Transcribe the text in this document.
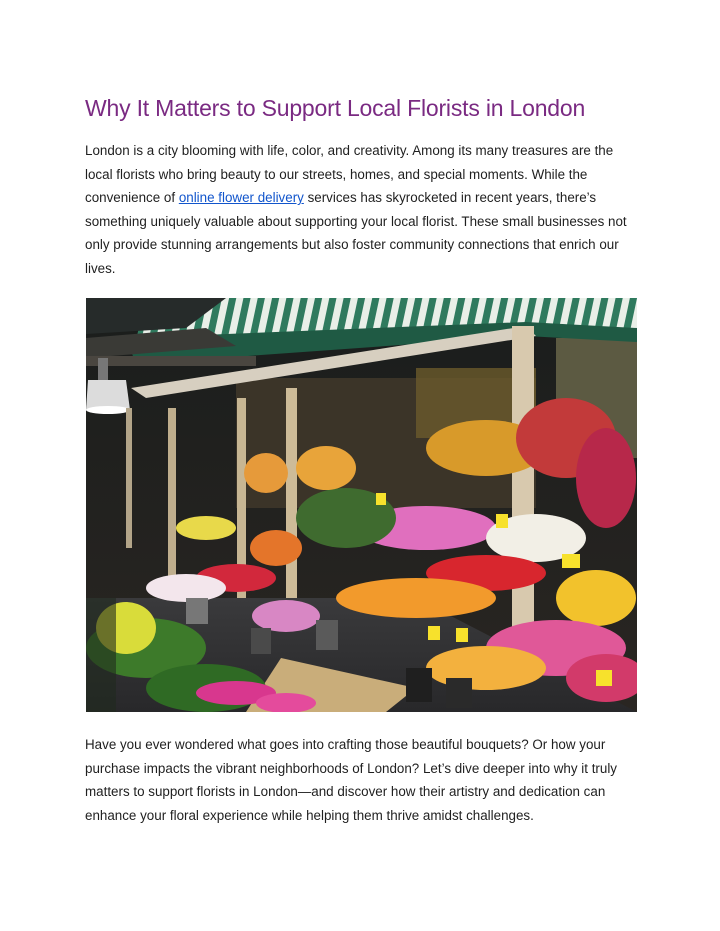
Why It Matters to Support Local Florists in London

London is a city blooming with life, color, and creativity. Among its many treasures are the local florists who bring beauty to our streets, homes, and special moments. While the convenience of online flower delivery services has skyrocketed in recent years, there’s something uniquely valuable about supporting your local florist. These small businesses not only provide stunning arrangements but also foster community connections that enrich our lives.

Have you ever wondered what goes into crafting those beautiful bouquets? Or how your purchase impacts the vibrant neighborhoods of London? Let’s dive deeper into why it truly matters to support florists in London—and discover how their artistry and dedication can enhance your floral experience while helping them thrive amidst challenges.
